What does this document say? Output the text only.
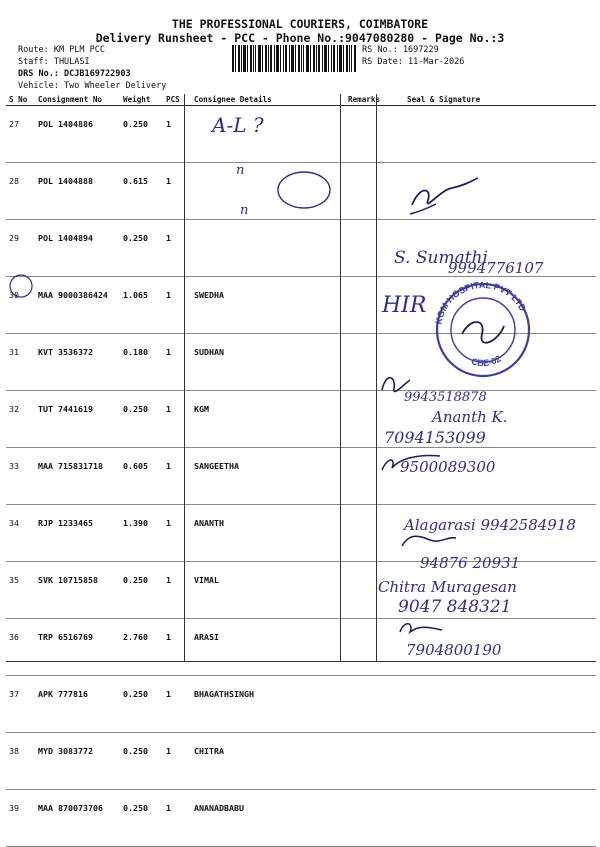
THE PROFESSIONAL COURIERS, COIMBATORE
Delivery Runsheet - PCC - Phone No.:9047080280 - Page No.:3
Route: KM PLM PCC
Staff: THULASI
DRS No.: DCJB169722903
Vehicle: Two Wheeler Delivery
RS No.: 1697229
RS Date: 11-Mar-2026
S No	Consignment No	Weight	PCS	Consignee Details	Remarks	Seal & Signature
27	POL 1404886	0.250	1			
28	POL 1404888	0.615	1			
29	POL 1404894	0.250	1			
30	MAA 9000386424	1.065	1	SWEDHA		
31	KVT 3536372	0.180	1	SUDHAN		
32	TUT 7441619	0.250	1	KGM		
33	MAA 715831718	0.605	1	SANGEETHA		
34	RJP 1233465	1.390	1	ANANTH		
35	SVK 10715858	0.250	1	VIMAL		
36	TRP 6516769	2.760	1	ARASI		
37	APK 777816	0.250	1	BHAGATHSINGH		
38	MYD 3083772	0.250	1	CHITRA		
39	MAA 870073706	0.250	1	ANANADBABU		
A-L ?
n
n
❋
S. Sumathi
9994776107
HIR
KGM HOSPITAL PVT LTD
CBE-02
9943518878
Ananth K.
7094153099
9500089300
Alagarasi 9942584918
94876 20931
Chitra Muragesan
9047 848321
7904800190
